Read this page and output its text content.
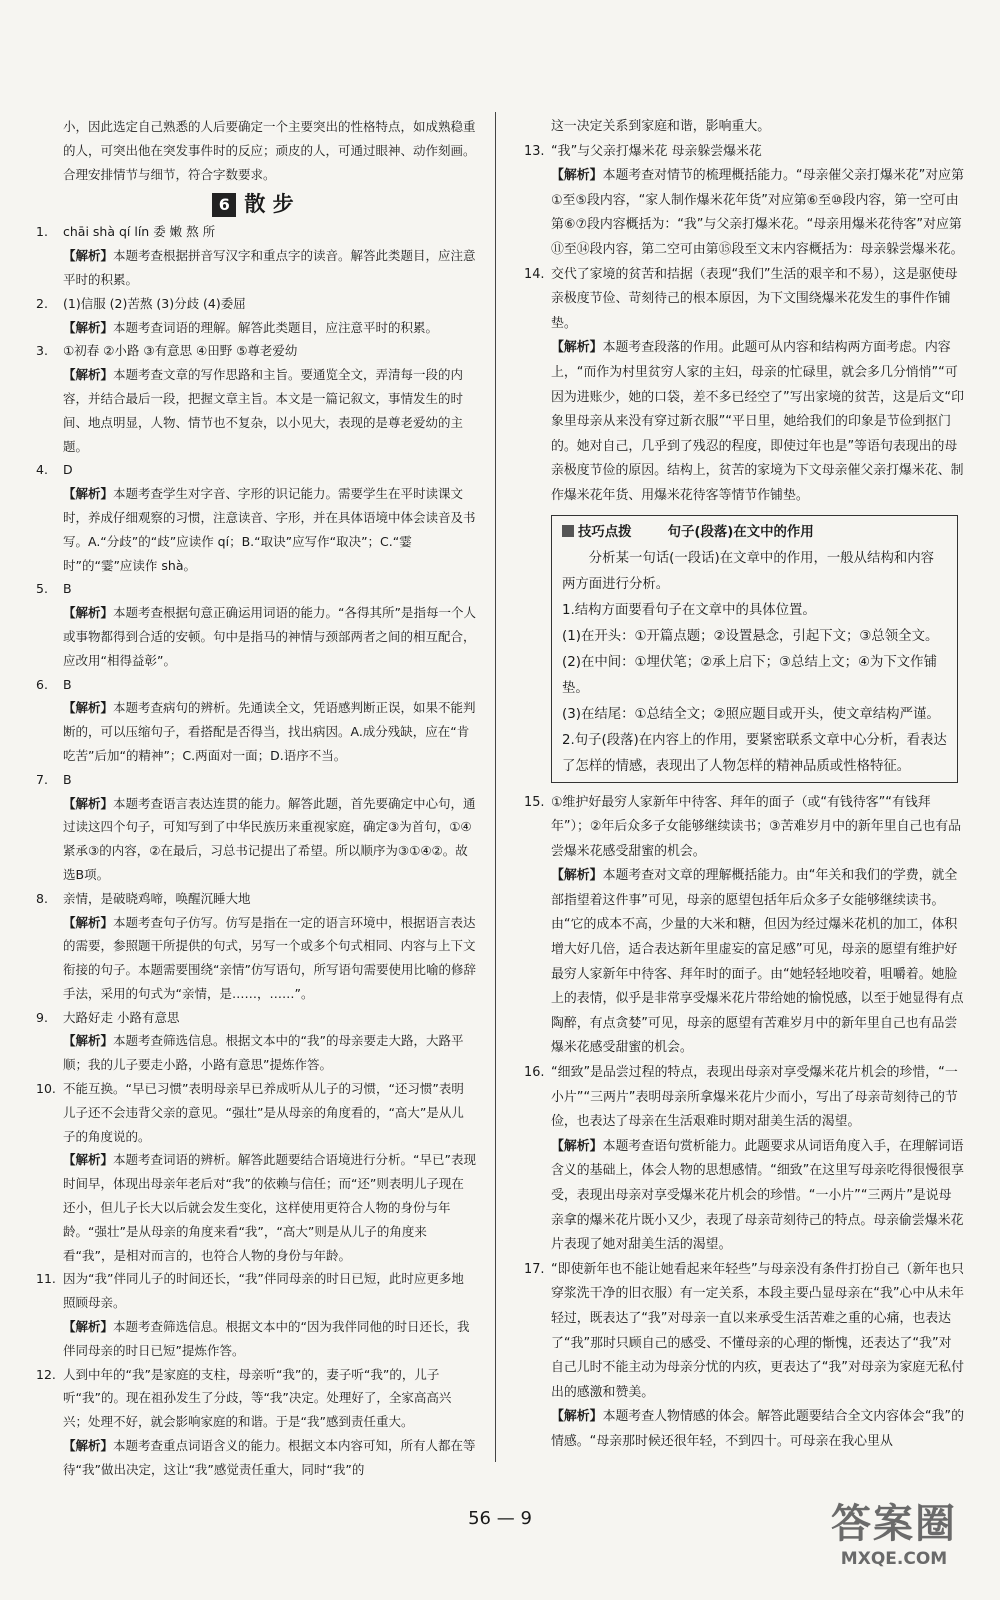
小，因此选定自己熟悉的人后要确定一个主要突出的性格特点，如成熟稳重的人，可突出他在突发事件时的反应；顽皮的人，可通过眼神、动作刻画。合理安排情节与细节，符合字数要求。

6 散 步
1. chāi shà qí lín 委 嫩 熬 所

【解析】本题考查根据拼音写汉字和重点字的读音。解答此类题目，应注意平时的积累。

2. (1)信服 (2)苦熬 (3)分歧 (4)委屈

【解析】本题考查词语的理解。解答此类题目，应注意平时的积累。

3. ①初春 ②小路 ③有意思 ④田野 ⑤尊老爱幼

【解析】本题考查文章的写作思路和主旨。要通览全文，弄清每一段的内容，并结合最后一段，把握文章主旨。本文是一篇记叙文，事情发生的时间、地点明显，人物、情节也不复杂，以小见大，表现的是尊老爱幼的主题。

4. D

【解析】本题考查学生对字音、字形的识记能力。需要学生在平时读课文时，养成仔细观察的习惯，注意读音、字形，并在具体语境中体会读音及书写。A.“分歧”的“歧”应读作 qí；B.“取诀”应写作“取决”；C.“霎时”的“霎”应读作 shà。

5. B

【解析】本题考查根据句意正确运用词语的能力。“各得其所”是指每一个人或事物都得到合适的安顿。句中是指马的神情与颈部两者之间的相互配合，应改用“相得益彰”。

6. B

【解析】本题考查病句的辨析。先通读全文，凭语感判断正误，如果不能判断的，可以压缩句子，看搭配是否得当，找出病因。A.成分残缺，应在“肯吃苦”后加“的精神”；C.两面对一面；D.语序不当。

7. B

【解析】本题考查语言表达连贯的能力。解答此题，首先要确定中心句，通过读这四个句子，可知写到了中华民族历来重视家庭，确定③为首句，①④紧承③的内容，②在最后，习总书记提出了希望。所以顺序为③①④②。故选B项。

8. 亲情，是破晓鸡啼，唤醒沉睡大地

【解析】本题考查句子仿写。仿写是指在一定的语言环境中，根据语言表达的需要，参照题干所提供的句式，另写一个或多个句式相同、内容与上下文衔接的句子。本题需要围绕“亲情”仿写语句，所写语句需要使用比喻的修辞手法，采用的句式为“亲情，是……，……”。

9. 大路好走 小路有意思

【解析】本题考查筛选信息。根据文本中的“我”的母亲要走大路，大路平顺；我的儿子要走小路，小路有意思”提炼作答。

10. 不能互换。“早已习惯”表明母亲早已养成听从儿子的习惯，“还习惯”表明儿子还不会违背父亲的意见。“强壮”是从母亲的角度看的，“高大”是从儿子的角度说的。

【解析】本题考查词语的辨析。解答此题要结合语境进行分析。“早已”表现时间早，体现出母亲年老后对“我”的依赖与信任；而“还”则表明儿子现在还小，但儿子长大以后就会发生变化，这样使用更符合人物的身份与年龄。“强壮”是从母亲的角度来看“我”，“高大”则是从儿子的角度来看“我”，是相对而言的，也符合人物的身份与年龄。

11. 因为“我”伴同儿子的时间还长，“我”伴同母亲的时日已短，此时应更多地照顾母亲。

【解析】本题考查筛选信息。根据文本中的“因为我伴同他的时日还长，我伴同母亲的时日已短”提炼作答。

12. 人到中年的“我”是家庭的支柱，母亲听“我”的，妻子听“我”的，儿子听“我”的。现在祖孙发生了分歧，等“我”决定。处理好了，全家高高兴兴；处理不好，就会影响家庭的和谐。于是“我”感到责任重大。

【解析】本题考查重点词语含义的能力。根据文本内容可知，所有人都在等待“我”做出决定，这让“我”感觉责任重大，同时“我”的

这一决定关系到家庭和谐，影响重大。

13. “我”与父亲打爆米花 母亲躲尝爆米花

【解析】本题考查对情节的梳理概括能力。“母亲催父亲打爆米花”对应第①至⑤段内容，“家人制作爆米花年货”对应第⑥至⑩段内容，第一空可由第⑥⑦段内容概括为：“我”与父亲打爆米花。“母亲用爆米花待客”对应第⑪至⑭段内容，第二空可由第⑮段至文末内容概括为：母亲躲尝爆米花。

14. 交代了家境的贫苦和拮据（表现“我们”生活的艰辛和不易），这是驱使母亲极度节俭、苛刻待己的根本原因，为下文围绕爆米花发生的事件作铺垫。

【解析】本题考查段落的作用。此题可从内容和结构两方面考虑。内容上，“而作为村里贫穷人家的主妇，母亲的忙碌里，就会多几分悄悄”“可因为进账少，她的口袋，差不多已经空了”写出家境的贫苦，这是后文“印象里母亲从来没有穿过新衣服”“平日里，她给我们的印象是节俭到抠门的。她对自己，几乎到了残忍的程度，即使过年也是”等语句表现出的母亲极度节俭的原因。结构上，贫苦的家境为下文母亲催父亲打爆米花、制作爆米花年货、用爆米花待客等情节作铺垫。

技巧点拨	句子(段落)在文中的作用
分析某一句话(一段话)在文章中的作用，一般从结构和内容两方面进行分析。
1.结构方面要看句子在文章中的具体位置。
(1)在开头：①开篇点题；②设置悬念，引起下文；③总领全文。
(2)在中间：①埋伏笔；②承上启下；③总结上文；④为下文作铺垫。
(3)在结尾：①总结全文；②照应题目或开头，使文章结构严谨。
2.句子(段落)在内容上的作用，要紧密联系文章中心分析，看表达了怎样的情感，表现出了人物怎样的精神品质或性格特征。
15. ①维护好最穷人家新年中待客、拜年的面子（或“有钱待客”“有钱拜年”）；②年后众多子女能够继续读书；③苦难岁月中的新年里自己也有品尝爆米花感受甜蜜的机会。

【解析】本题考查对文章的理解概括能力。由“年关和我们的学费，就全部指望着这件事”可见，母亲的愿望包括年后众多子女能够继续读书。由“它的成本不高，少量的大米和糖，但因为经过爆米花机的加工，体积增大好几倍，适合表达新年里虚妄的富足感”可见，母亲的愿望有维护好最穷人家新年中待客、拜年时的面子。由“她轻轻地咬着，咀嚼着。她脸上的表情，似乎是非常享受爆米花片带给她的愉悦感，以至于她显得有点陶醉，有点贪婪”可见，母亲的愿望有苦难岁月中的新年里自己也有品尝爆米花感受甜蜜的机会。

16. “细致”是品尝过程的特点，表现出母亲对享受爆米花片机会的珍惜，“一小片”“三两片”表明母亲所拿爆米花片少而小，写出了母亲苛刻待己的节俭，也表达了母亲在生活艰难时期对甜美生活的渴望。

【解析】本题考查语句赏析能力。此题要求从词语角度入手，在理解词语含义的基础上，体会人物的思想感情。“细致”在这里写母亲吃得很慢很享受，表现出母亲对享受爆米花片机会的珍惜。“一小片”“三两片”是说母亲拿的爆米花片既小又少，表现了母亲苛刻待己的特点。母亲偷尝爆米花片表现了她对甜美生活的渴望。

17. “即使新年也不能让她看起来年轻些”与母亲没有条件打扮自己（新年也只穿浆洗干净的旧衣服）有一定关系，本段主要凸显母亲在“我”心中从未年轻过，既表达了“我”对母亲一直以来承受生活苦难之重的心痛，也表达了“我”那时只顾自己的感受、不懂母亲的心理的惭愧，还表达了“我”对自己儿时不能主动为母亲分忧的内疚，更表达了“我”对母亲为家庭无私付出的感激和赞美。

【解析】本题考查人物情感的体会。解答此题要结合全文内容体会“我”的情感。“母亲那时候还很年轻，不到四十。可母亲在我心里从

56 — 9	答案圈
MXQE.COM
